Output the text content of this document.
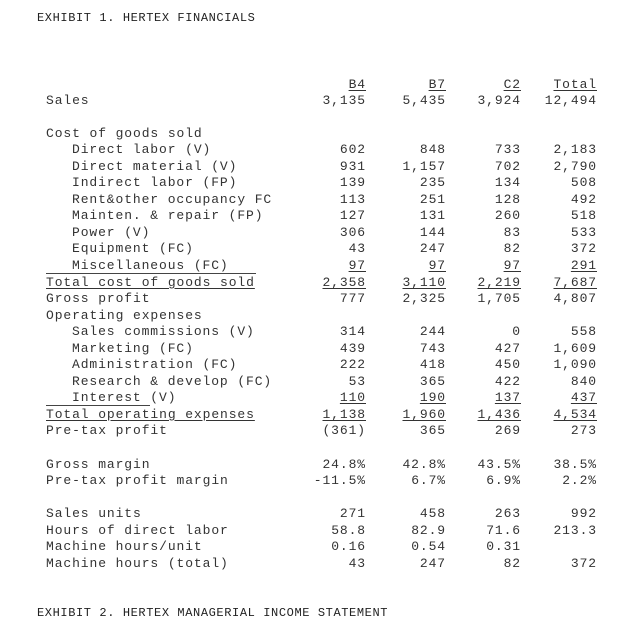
EXHIBIT 1. HERTEX FINANCIALS
B4	B7	C2	Total
Sales	3,135	5,435	3,924	12,494
Cost of goods sold
Direct labor (V)	602	848	733	2,183
Direct material (V)	931	1,157	702	2,790
Indirect labor (FP)	139	235	134	508
Rent&other occupancy FC	113	251	128	492
Mainten. & repair (FP)	127	131	260	518
Power (V)	306	144	83	533
Equipment (FC)	43	247	82	372
Miscellaneous (FC)	97	97	97	291
Total cost of goods sold	2,358	3,110	2,219	7,687
Gross profit	777	2,325	1,705	4,807
Operating expenses
Sales commissions (V)	314	244	0	558
Marketing (FC)	439	743	427	1,609
Administration (FC)	222	418	450	1,090
Research & develop (FC)	53	365	422	840
Interest (V)	110	190	137	437
Total operating expenses	1,138	1,960	1,436	4,534
Pre-tax profit	(361)	365	269	273
Gross margin	24.8%	42.8%	43.5%	38.5%
Pre-tax profit margin	-11.5%	6.7%	6.9%	2.2%
Sales units	271	458	263	992
Hours of direct labor	58.8	82.9	71.6	213.3
Machine hours/unit	0.16	0.54	0.31
Machine hours (total)	43	247	82	372
EXHIBIT 2. HERTEX MANAGERIAL INCOME STATEMENT
